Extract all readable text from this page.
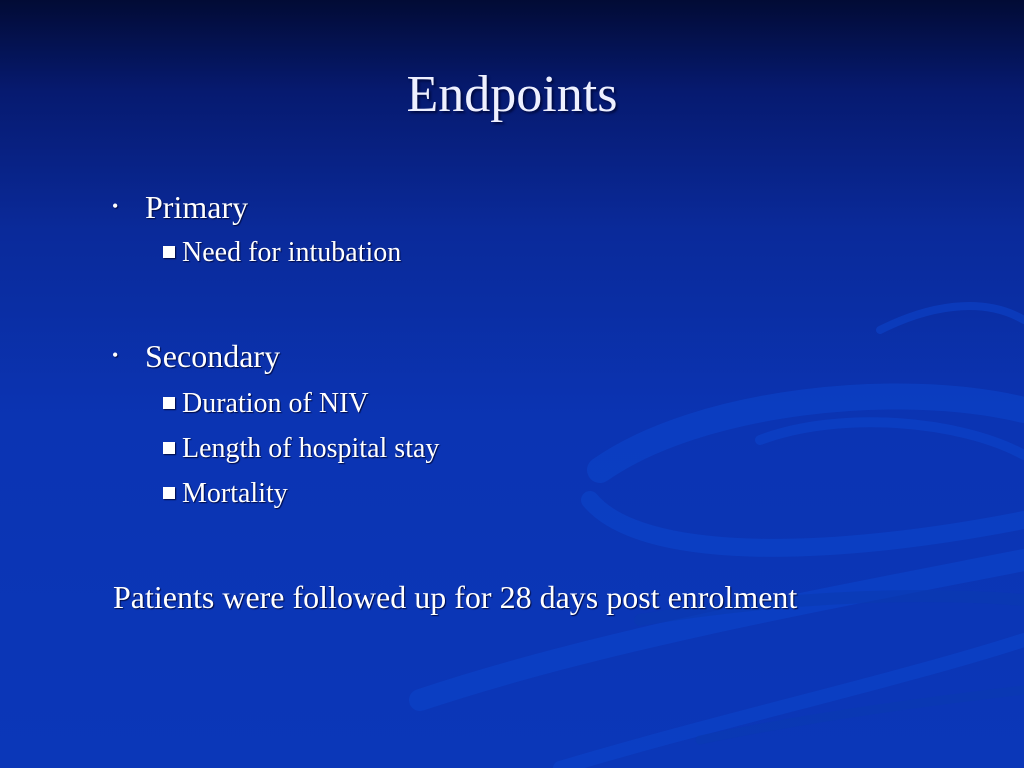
Endpoints
• Primary
Need for intubation
• Secondary
Duration of NIV
Length of hospital stay
Mortality
Patients were followed up for 28 days post enrolment
